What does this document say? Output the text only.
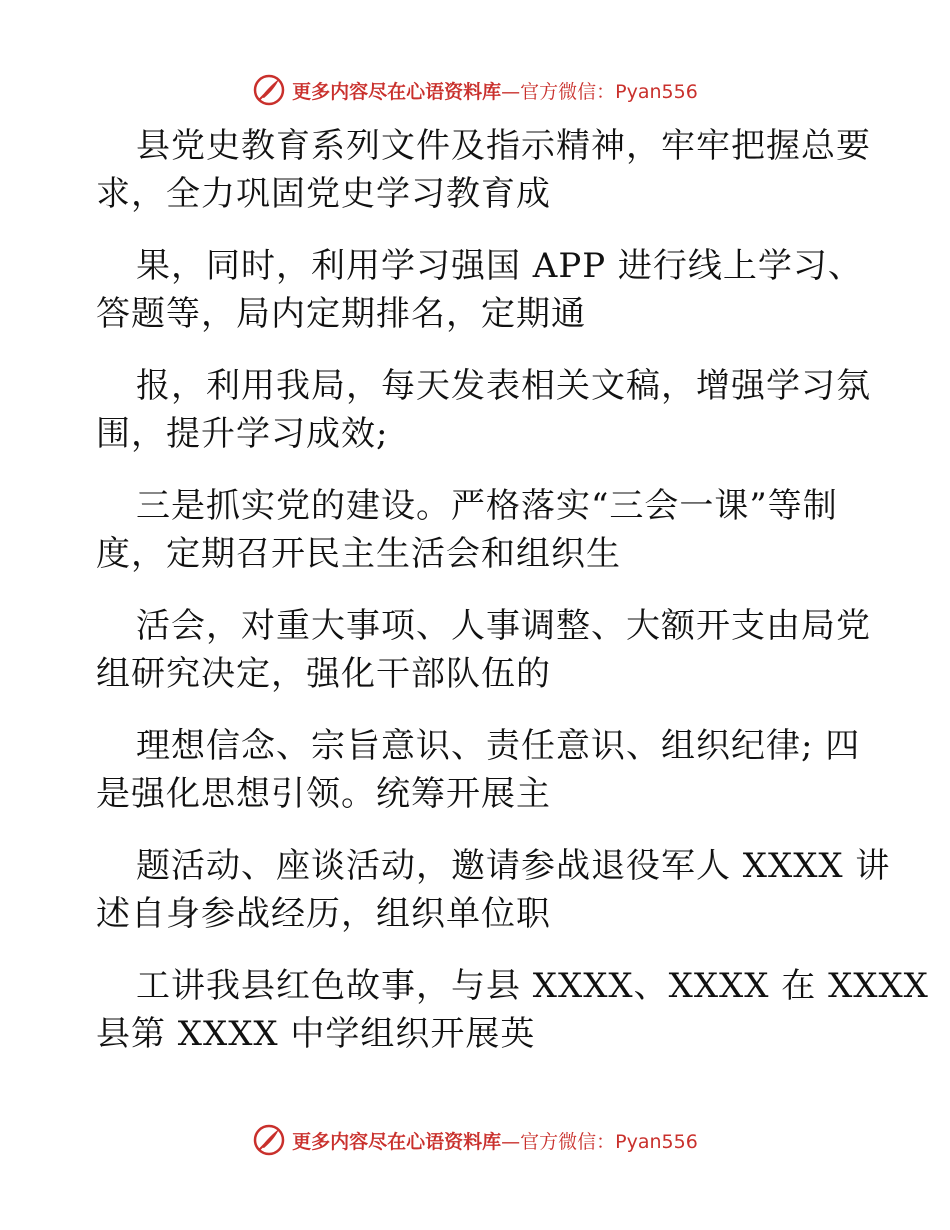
更多内容尽在心语资料库—官方微信：Pyan556
县党史教育系列文件及指示精神，牢牢把握总要
求，全力巩固党史学习教育成
果，同时，利用学习强国 APP 进行线上学习、
答题等，局内定期排名，定期通
报，利用我局，每天发表相关文稿，增强学习氛
围，提升学习成效;
三是抓实党的建设。严格落实“三会一课”等制
度，定期召开民主生活会和组织生
活会，对重大事项、人事调整、大额开支由局党
组研究决定，强化干部队伍的
理想信念、宗旨意识、责任意识、组织纪律; 四
是强化思想引领。统筹开展主
题活动、座谈活动，邀请参战退役军人 XXXX 讲
述自身参战经历，组织单位职
工讲我县红色故事，与县 XXXX、XXXX 在 XXXX
县第 XXXX 中学组织开展英
更多内容尽在心语资料库—官方微信：Pyan556
